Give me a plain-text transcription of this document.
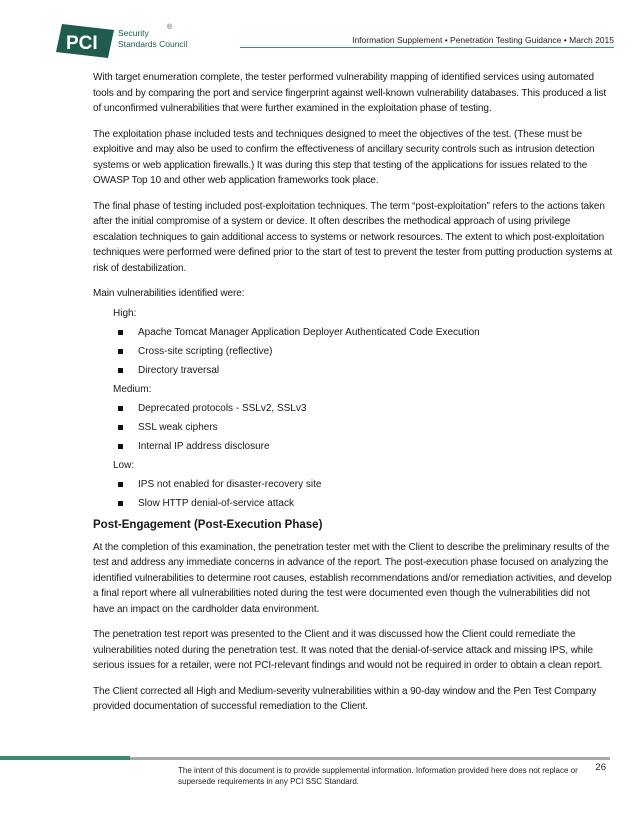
PCI Security
Standards Council
®
Information Supplement • Penetration Testing Guidance • March 2015

With target enumeration complete, the tester performed vulnerability mapping of identified services using automated tools and by comparing the port and service fingerprint against well-known vulnerability databases. This produced a list of unconfirmed vulnerabilities that were further examined in the exploitation phase of testing.

The exploitation phase included tests and techniques designed to meet the objectives of the test. (These must be exploitive and may also be used to confirm the effectiveness of ancillary security controls such as intrusion detection systems or web application firewalls.) It was during this step that testing of the applications for issues related to the OWASP Top 10 and other web application frameworks took place.

The final phase of testing included post-exploitation techniques. The term “post-exploitation” refers to the actions taken after the initial compromise of a system or device. It often describes the methodical approach of using privilege escalation techniques to gain additional access to systems or network resources. The extent to which post-exploitation techniques were performed were defined prior to the start of test to prevent the tester from putting production systems at risk of destabilization.

Main vulnerabilities identified were:

High:
Apache Tomcat Manager Application Deployer Authenticated Code Execution
Cross-site scripting (reflective)
Directory traversal
Medium:
Deprecated protocols - SSLv2, SSLv3
SSL weak ciphers
Internal IP address disclosure
Low:
IPS not enabled for disaster-recovery site
Slow HTTP denial-of-service attack
Post-Engagement (Post-Execution Phase)

At the completion of this examination, the penetration tester met with the Client to describe the preliminary results of the test and address any immediate concerns in advance of the report. The post-execution phase focused on analyzing the identified vulnerabilities to determine root causes, establish recommendations and/or remediation activities, and develop a final report where all vulnerabilities noted during the test were documented even though the vulnerabilities did not have an impact on the cardholder data environment.

The penetration test report was presented to the Client and it was discussed how the Client could remediate the vulnerabilities noted during the penetration test. It was noted that the denial-of-service attack and missing IPS, while serious issues for a retailer, were not PCI-relevant findings and would not be required in order to obtain a clean report.

The Client corrected all High and Medium-severity vulnerabilities within a 90-day window and the Pen Test Company provided documentation of successful remediation to the Client.

The intent of this document is to provide supplemental information. Information provided here does not replace or supersede requirements in any PCI SSC Standard.
26
